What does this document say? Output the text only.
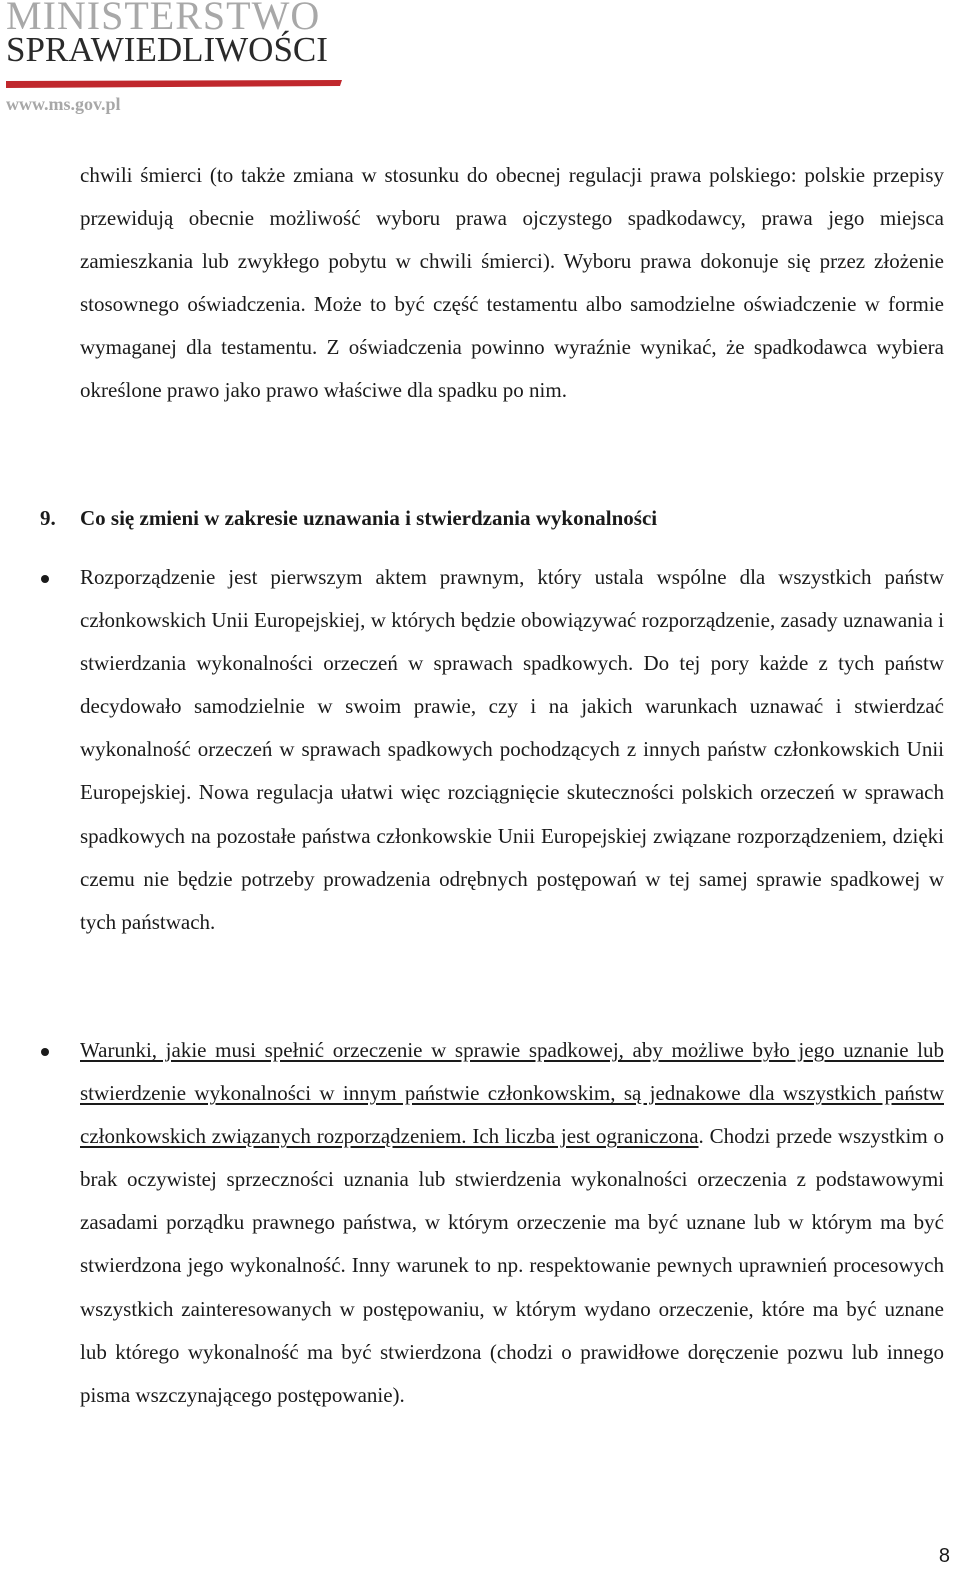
MINISTERSTWO
SPRAWIEDLIWOŚCI
www.ms.gov.pl

chwili śmierci (to także zmiana w stosunku do obecnej regulacji prawa polskiego: polskie przepisy przewidują obecnie możliwość wyboru prawa ojczystego spadkodawcy, prawa jego miejsca zamieszkania lub zwykłego pobytu w chwili śmierci). Wyboru prawa dokonuje się przez złożenie stosownego oświadczenia. Może to być część testamentu albo samodzielne oświadczenie w formie wymaganej dla testamentu. Z oświadczenia powinno wyraźnie wynikać, że spadkodawca wybiera określone prawo jako prawo właściwe dla spadku po nim.

9. Co się zmieni w zakresie uznawania i stwierdzania wykonalności

Rozporządzenie jest pierwszym aktem prawnym, który ustala wspólne dla wszystkich państw członkowskich Unii Europejskiej, w których będzie obowiązywać rozporządzenie, zasady uznawania i stwierdzania wykonalności orzeczeń w sprawach spadkowych. Do tej pory każde z tych państw decydowało samodzielnie w swoim prawie, czy i na jakich warunkach uznawać i stwierdzać wykonalność orzeczeń w sprawach spadkowych pochodzących z innych państw członkowskich Unii Europejskiej. Nowa regulacja ułatwi więc rozciągnięcie skuteczności polskich orzeczeń w sprawach spadkowych na pozostałe państwa członkowskie Unii Europejskiej związane rozporządzeniem, dzięki czemu nie będzie potrzeby prowadzenia odrębnych postępowań w tej samej sprawie spadkowej w tych państwach.

Warunki, jakie musi spełnić orzeczenie w sprawie spadkowej, aby możliwe było jego uznanie lub stwierdzenie wykonalności w innym państwie członkowskim, są jednakowe dla wszystkich państw członkowskich związanych rozporządzeniem. Ich liczba jest ograniczona. Chodzi przede wszystkim o brak oczywistej sprzeczności uznania lub stwierdzenia wykonalności orzeczenia z podstawowymi zasadami porządku prawnego państwa, w którym orzeczenie ma być uznane lub w którym ma być stwierdzona jego wykonalność. Inny warunek to np. respektowanie pewnych uprawnień procesowych wszystkich zainteresowanych w postępowaniu, w którym wydano orzeczenie, które ma być uznane lub którego wykonalność ma być stwierdzona (chodzi o prawidłowe doręczenie pozwu lub innego pisma wszczynającego postępowanie).

8
